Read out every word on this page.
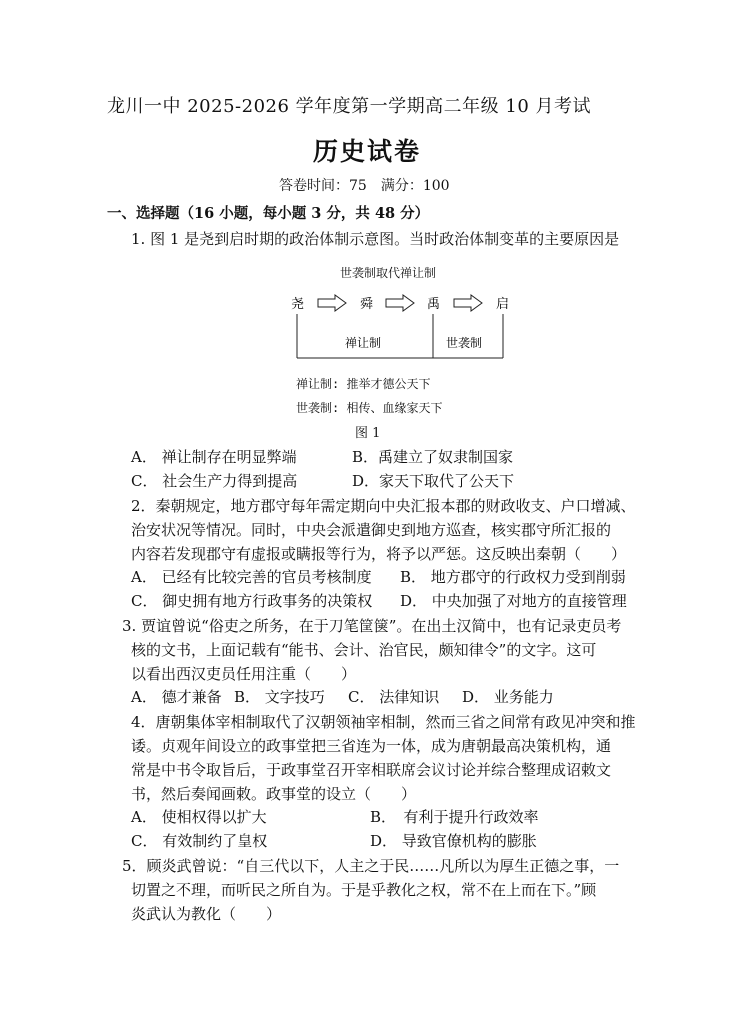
龙川一中 2025-2026 学年度第一学期高二年级 10 月考试
历史试卷
答卷时间：75　满分：100
一、选择题（16 小题，每小题 3 分，共 48 分）
1. 图 1 是尧到启时期的政治体制示意图。当时政治体制变革的主要原因是
世袭制取代禅让制
尧	舜	禹	启
禅让制	世袭制
禅让制: 推举才德公天下
世袭制: 相传、血缘家天下
图 1
A． 禅让制存在明显弊端	B．禹建立了奴隶制国家
C． 社会生产力得到提高	D．家天下取代了公天下
2．秦朝规定，地方郡守每年需定期向中央汇报本郡的财政收支、户口增减、
治安状况等情况。同时，中央会派遣御史到地方巡查，核实郡守所汇报的
内容若发现郡守有虚报或瞒报等行为，将予以严惩。这反映出秦朝（　　）
A． 已经有比较完善的官员考核制度 B． 地方郡守的行政权力受到削弱
C． 御史拥有地方行政事务的决策权 D． 中央加强了对地方的直接管理
3. 贾谊曾说“俗吏之所务，在于刀笔筐箧”。在出土汉简中，也有记录吏员考
核的文书，上面记载有“能书、会计、治官民，颇知律令”的文字。这可
以看出西汉吏员任用注重（　　）
A． 德才兼备 B． 文字技巧 C． 法律知识 D． 业务能力
4．唐朝集体宰相制取代了汉朝领袖宰相制，然而三省之间常有政见冲突和推
诿。贞观年间设立的政事堂把三省连为一体，成为唐朝最高决策机构，通
常是中书令取旨后，于政事堂召开宰相联席会议讨论并综合整理成诏敕文
书，然后奏闻画敕。政事堂的设立（　　）
A． 使相权得以扩大	B．　有利于提升行政效率
C． 有效制约了皇权	D． 导致官僚机构的膨胀
5．顾炎武曾说：“自三代以下，人主之于民……凡所以为厚生正德之事，一
切置之不理，而听民之所自为。于是乎教化之权，常不在上而在下。”顾
炎武认为教化（　　）
